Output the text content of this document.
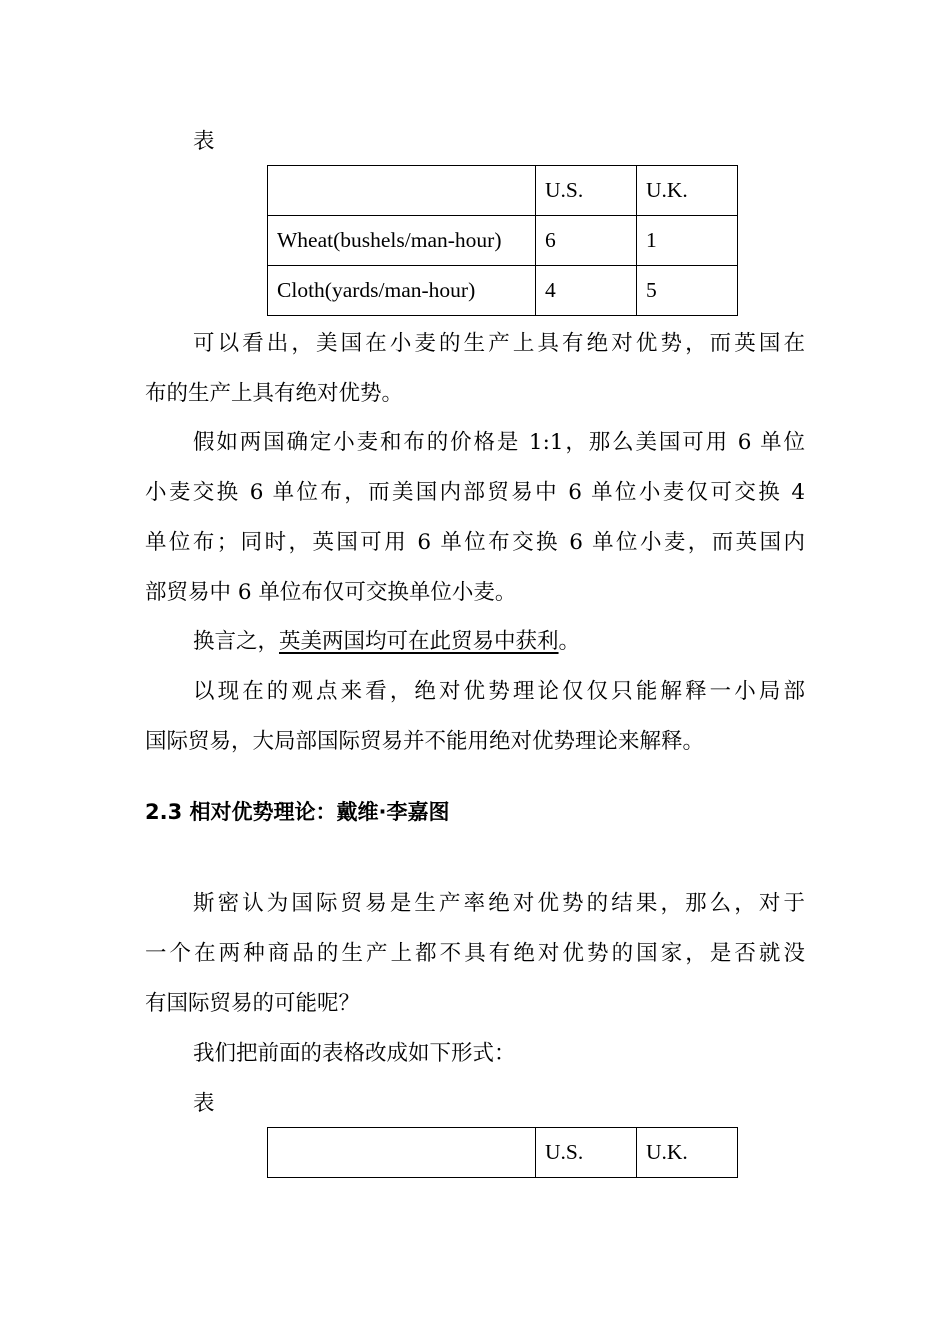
表
	U.S.	U.K.
Wheat(bushels/man-hour)	6	1
Cloth(yards/man-hour)	4	5
可以看出，美国在小麦的生产上具有绝对优势，而英国在
布的生产上具有绝对优势。
假如两国确定小麦和布的价格是 1:1，那么美国可用 6 单位
小麦交换 6 单位布，而美国内部贸易中 6 单位小麦仅可交换 4
单位布；同时，英国可用 6 单位布交换 6 单位小麦，而英国内
部贸易中 6 单位布仅可交换单位小麦。
换言之，英美两国均可在此贸易中获利。
以现在的观点来看，绝对优势理论仅仅只能解释一小局部
国际贸易，大局部国际贸易并不能用绝对优势理论来解释。
2.3 相对优势理论：戴维·李嘉图
斯密认为国际贸易是生产率绝对优势的结果，那么，对于
一个在两种商品的生产上都不具有绝对优势的国家，是否就没
有国际贸易的可能呢？
我们把前面的表格改成如下形式：
表
	U.S.	U.K.
